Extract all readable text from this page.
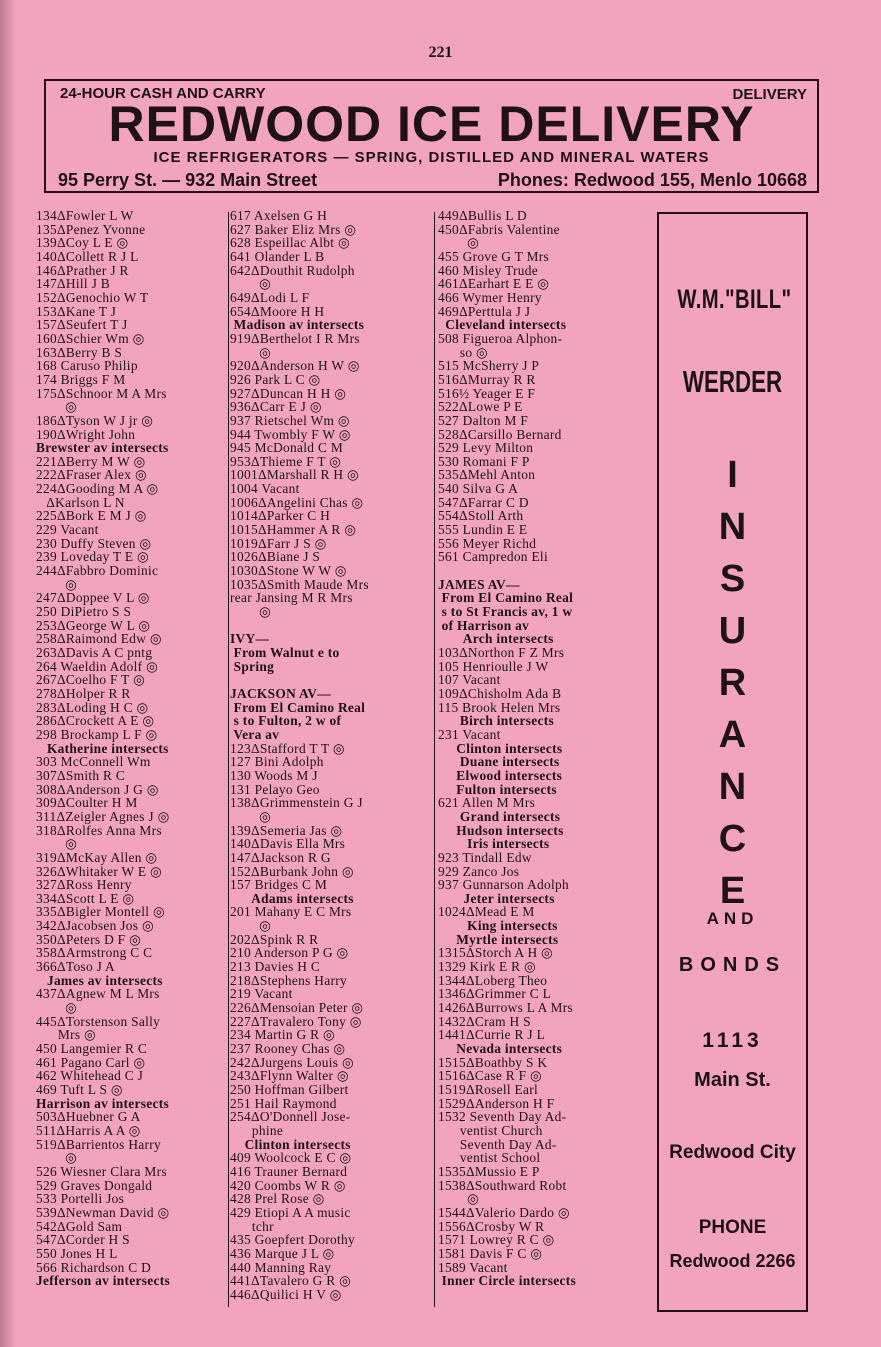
221
24-HOUR CASH AND CARRY	DELIVERY
REDWOOD ICE DELIVERY
ICE REFRIGERATORS — SPRING, DISTILLED AND MINERAL WATERS
95 Perry St. — 932 Main Street	Phones: Redwood 155, Menlo 10668
134ΔFowler L W
135ΔPenez Yvonne
139ΔCoy L E ◎
140ΔCollett R J L
146ΔPrather J R
147ΔHill J B
152ΔGenochio W T
153ΔKane T J
157ΔSeufert T J
160ΔSchier Wm ◎
163ΔBerry B S
168 Caruso Philip
174 Briggs F M
175ΔSchnoor M A Mrs
◎
186ΔTyson W J jr ◎
190ΔWright John
Brewster av intersects
221ΔBerry M W ◎
222ΔFraser Alex ◎
224ΔGooding M A ◎
ΔKarlson L N
225ΔBork E M J ◎
229 Vacant
230 Duffy Steven ◎
239 Loveday T E ◎
244ΔFabbro Dominic
◎
247ΔDoppee V L ◎
250 DiPietro S S
253ΔGeorge W L ◎
258ΔRaimond Edw ◎
263ΔDavis A C pntg
264 Waeldin Adolf ◎
267ΔCoelho F T ◎
278ΔHolper R R
283ΔLoding H C ◎
286ΔCrockett A E ◎
298 Brockamp L F ◎
Katherine intersects
303 McConnell Wm
307ΔSmith R C
308ΔAnderson J G ◎
309ΔCoulter H M
311ΔZeigler Agnes J ◎
318ΔRolfes Anna Mrs
◎
319ΔMcKay Allen ◎
326ΔWhitaker W E ◎
327ΔRoss Henry
334ΔScott L E ◎
335ΔBigler Montell ◎
342ΔJacobsen Jos ◎
350ΔPeters D F ◎
358ΔArmstrong C C
366ΔToso J A
James av intersects
437ΔAgnew M L Mrs
◎
445ΔTorstenson Sally
Mrs ◎
450 Langemier R C
461 Pagano Carl ◎
462 Whitehead C J
469 Tuft L S ◎
Harrison av intersects
503ΔHuebner G A
511ΔHarris A A ◎
519ΔBarrientos Harry
◎
526 Wiesner Clara Mrs
529 Graves Dongald
533 Portelli Jos
539ΔNewman David ◎
542ΔGold Sam
547ΔCorder H S
550 Jones H L
566 Richardson C D
Jefferson av intersects
617 Axelsen G H
627 Baker Eliz Mrs ◎
628 Espeillac Albt ◎
641 Olander L B
642ΔDouthit Rudolph
◎
649ΔLodi L F
654ΔMoore H H
Madison av intersects
919ΔBerthelot I R Mrs
◎
920ΔAnderson H W ◎
926 Park L C ◎
927ΔDuncan H H ◎
936ΔCarr E J ◎
937 Rietschel Wm ◎
944 Twombly F W ◎
945 McDonald C M
953ΔThieme F T ◎
1001ΔMarshall R H ◎
1004 Vacant
1006ΔAngelini Chas ◎
1014ΔParker C H
1015ΔHammer A R ◎
1019ΔFarr J S ◎
1026ΔBiane J S
1030ΔStone W W ◎
1035ΔSmith Maude Mrs
rear Jansing M R Mrs
◎

IVY—
From Walnut e to
Spring

JACKSON AV—
From El Camino Real
s to Fulton, 2 w of
Vera av
123ΔStafford T T ◎
127 Bini Adolph
130 Woods M J
131 Pelayo Geo
138ΔGrimmenstein G J
◎
139ΔSemeria Jas ◎
140ΔDavis Ella Mrs
147ΔJackson R G
152ΔBurbank John ◎
157 Bridges C M
Adams intersects
201 Mahany E C Mrs
◎
202ΔSpink R R
210 Anderson P G ◎
213 Davies H C
218ΔStephens Harry
219 Vacant
226ΔMensoian Peter ◎
227ΔTravalero Tony ◎
234 Martin G R ◎
237 Rooney Chas ◎
242ΔJurgens Louis ◎
243ΔFlynn Walter ◎
250 Hoffman Gilbert
251 Hail Raymond
254ΔO'Donnell Jose-
phine
Clinton intersects
409 Woolcock E C ◎
416 Trauner Bernard
420 Coombs W R ◎
428 Prel Rose ◎
429 Etiopi A A music
tchr
435 Goepfert Dorothy
436 Marque J L ◎
440 Manning Ray
441ΔTavalero G R ◎
446ΔQuilici H V ◎
449ΔBullis L D
450ΔFabris Valentine
◎
455 Grove G T Mrs
460 Misley Trude
461ΔEarhart E E ◎
466 Wymer Henry
469ΔPerttula J J
Cleveland intersects
508 Figueroa Alphon-
so ◎
515 McSherry J P
516ΔMurray R R
516½ Yeager E F
522ΔLowe P E
527 Dalton M F
528ΔCarsillo Bernard
529 Levy Milton
530 Romani F P
535ΔMehl Anton
540 Silva G A
547ΔFarrar C D
554ΔStoll Arth
555 Lundin E E
556 Meyer Richd
561 Campredon Eli

JAMES AV—
From El Camino Real
s to St Francis av, 1 w
of Harrison av
Arch intersects
103ΔNorthon F Z Mrs
105 Henrioulle J W
107 Vacant
109ΔChisholm Ada B
115 Brook Helen Mrs
Birch intersects
231 Vacant
Clinton intersects
Duane intersects
Elwood intersects
Fulton intersects
621 Allen M Mrs
Grand intersects
Hudson intersects
Iris intersects
923 Tindall Edw
929 Zanco Jos
937 Gunnarson Adolph
Jeter intersects
1024ΔMead E M
King intersects
Myrtle intersects
1315ΔStorch A H ◎
1329 Kirk E R ◎
1344ΔLoberg Theo
1346ΔGrimmer C L
1426ΔBurrows L A Mrs
1432ΔCram H S
1441ΔCurrie R J L
Nevada intersects
1515ΔBoathby S K
1516ΔCase R F ◎
1519ΔRosell Earl
1529ΔAnderson H F
1532 Seventh Day Ad-
ventist Church
Seventh Day Ad-
ventist School
1535ΔMussio E P
1538ΔSouthward Robt
◎
1544ΔValerio Dardo ◎
1556ΔCrosby W R
1571 Lowrey R C ◎
1581 Davis F C ◎
1589 Vacant
Inner Circle intersects
W.M."BILL"
WERDER
I
N
S
U
R
A
N
C
E
AND
BONDS
1113
Main St.
Redwood City
PHONE
Redwood 2266
